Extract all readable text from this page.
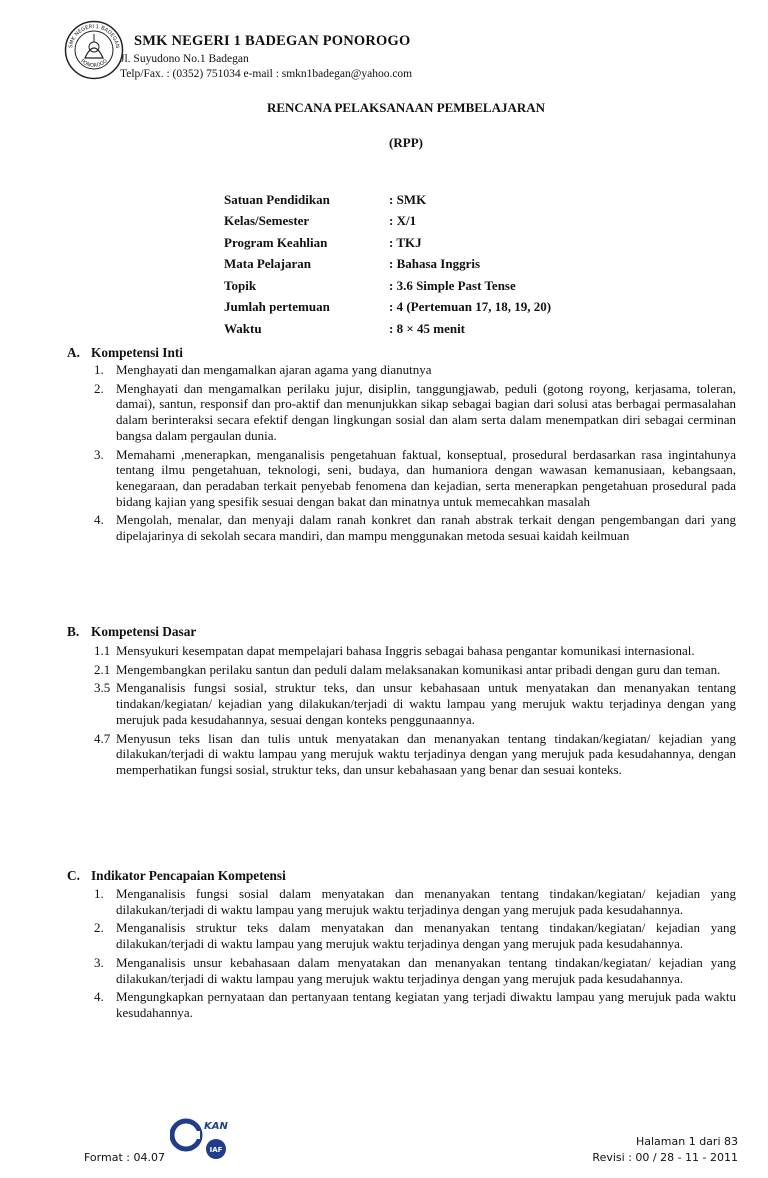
SMK NEGERI 1 BADEGAN
PONOROGO
SMK NEGERI 1 BADEGAN PONOROGO
Jl. Suyudono No.1 Badegan
Telp/Fax. : (0352) 751034 e-mail : smkn1badegan@yahoo.com
RENCANA PELAKSANAAN PEMBELAJARAN
(RPP)
Satuan Pendidikan	: SMK
Kelas/Semester	: X/1
Program Keahlian	: TKJ
Mata Pelajaran	: Bahasa Inggris
Topik	: 3.6 Simple Past Tense
Jumlah pertemuan	: 4 (Pertemuan 17, 18, 19, 20)
Waktu	: 8 × 45 menit
A. Kompetensi Inti
1. Menghayati dan mengamalkan ajaran agama yang dianutnya
2. Menghayati dan mengamalkan perilaku jujur, disiplin, tanggungjawab, peduli (gotong royong, kerjasama, toleran, damai), santun, responsif dan pro-aktif dan menunjukkan sikap sebagai bagian dari solusi atas berbagai permasalahan dalam berinteraksi secara efektif dengan lingkungan sosial dan alam serta dalam menempatkan diri sebagai cerminan bangsa dalam pergaulan dunia.
3. Memahami ,menerapkan, menganalisis pengetahuan faktual, konseptual, prosedural berdasarkan rasa ingintahunya tentang ilmu pengetahuan, teknologi, seni, budaya, dan humaniora dengan wawasan kemanusiaan, kebangsaan, kenegaraan, dan peradaban terkait penyebab fenomena dan kejadian, serta menerapkan pengetahuan prosedural pada bidang kajian yang spesifik sesuai dengan bakat dan minatnya untuk memecahkan masalah
4. Mengolah, menalar, dan menyaji dalam ranah konkret dan ranah abstrak terkait dengan pengembangan dari yang dipelajarinya di sekolah secara mandiri, dan mampu menggunakan metoda sesuai kaidah keilmuan
B. Kompetensi Dasar
1.1 Mensyukuri kesempatan dapat mempelajari bahasa Inggris sebagai bahasa pengantar komunikasi internasional.
2.1 Mengembangkan perilaku santun dan peduli dalam melaksanakan komunikasi antar pribadi dengan guru dan teman.
3.5 Menganalisis fungsi sosial, struktur teks, dan unsur kebahasaan untuk menyatakan dan menanyakan tentang tindakan/kegiatan/ kejadian yang dilakukan/terjadi di waktu lampau yang merujuk waktu terjadinya dengan yang merujuk pada kesudahannya, sesuai dengan konteks penggunaannya.
4.7 Menyusun teks lisan dan tulis untuk menyatakan dan menanyakan tentang tindakan/kegiatan/ kejadian yang dilakukan/terjadi di waktu lampau yang merujuk waktu terjadinya dengan yang merujuk pada kesudahannya, dengan memperhatikan fungsi sosial, struktur teks, dan unsur kebahasaan yang benar dan sesuai konteks.
C. Indikator Pencapaian Kompetensi
1. Menganalisis fungsi sosial dalam menyatakan dan menanyakan tentang tindakan/kegiatan/ kejadian yang dilakukan/terjadi di waktu lampau yang merujuk waktu terjadinya dengan yang merujuk pada kesudahannya.
2. Menganalisis struktur teks dalam menyatakan dan menanyakan tentang tindakan/kegiatan/ kejadian yang dilakukan/terjadi di waktu lampau yang merujuk waktu terjadinya dengan yang merujuk pada kesudahannya.
3. Menganalisis unsur kebahasaan dalam menyatakan dan menanyakan tentang tindakan/kegiatan/ kejadian yang dilakukan/terjadi di waktu lampau yang merujuk waktu terjadinya dengan yang merujuk pada kesudahannya.
4. Mengungkapkan pernyataan dan pertanyaan tentang kegiatan yang terjadi diwaktu lampau yang merujuk pada waktu kesudahannya.
Format : 04.07
KAN
IAF
Halaman 1 dari 83
Revisi : 00 / 28 - 11 - 2011
